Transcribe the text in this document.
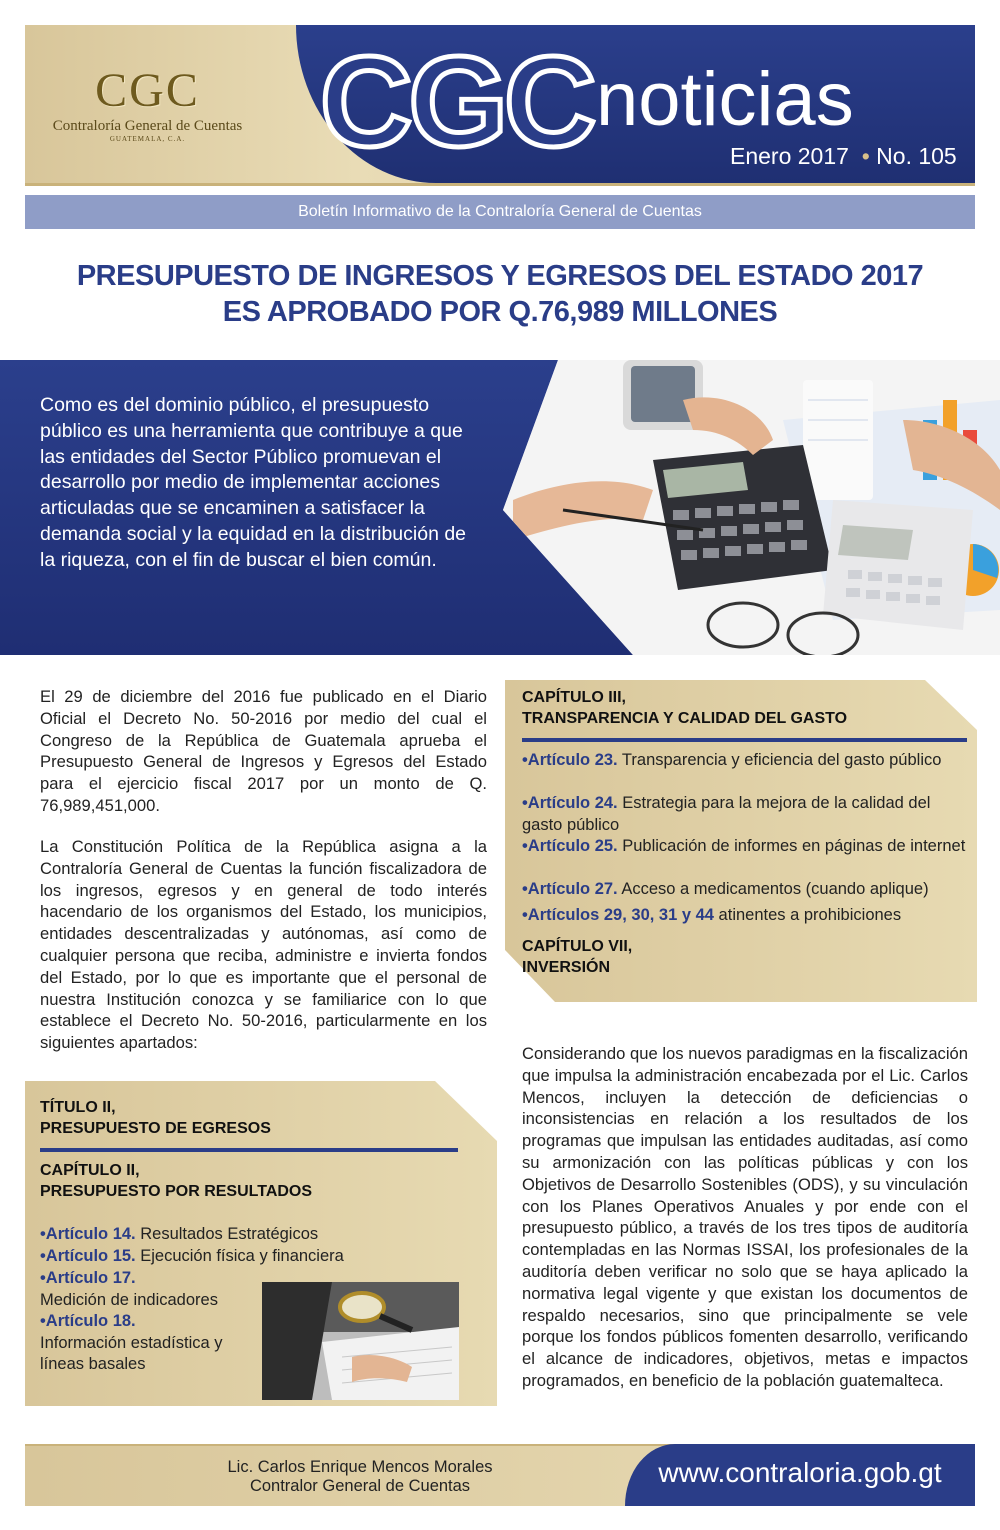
CGC
Contraloría General de Cuentas
GUATEMALA, C.A.	CGC noticias
Enero 2017  • No. 105
Boletín Informativo de la Contraloría General de Cuentas
PRESUPUESTO DE INGRESOS Y EGRESOS DEL ESTADO 2017
ES APROBADO POR Q.76,989 MILLONES
Como es del dominio público, el presupuesto público es una herramienta que contribuye a que las entidades del Sector Público promuevan el desarrollo por medio de implementar acciones articuladas que se encaminen a satisfacer la demanda social y la equidad en la distribución de la riqueza, con el fin de buscar el bien común.
El 29 de diciembre del 2016 fue publicado en el Diario Oficial el Decreto No. 50-2016 por medio del cual el Congreso de la República de Guatemala aprueba el Presupuesto General de Ingresos y Egresos del Estado para el ejercicio fiscal 2017 por un monto de Q. 76,989,451,000.
La Constitución Política de la República asigna a la Contraloría General de Cuentas la función fiscalizadora de los ingresos, egresos y en general de todo interés hacendario de los organismos del Estado, los municipios, entidades descentralizadas y autónomas, así como de cualquier persona que reciba, administre e invierta fondos del Estado, por lo que es importante que el personal de nuestra Institución conozca y se familiarice con lo que establece el Decreto No. 50-2016, particularmente en los siguientes apartados:
CAPÍTULO III,
TRANSPARENCIA Y CALIDAD DEL GASTO
•Artículo 23. Transparencia y eficiencia del gasto público
•Artículo 24. Estrategia para la mejora de la calidad del gasto público
•Artículo 25. Publicación de informes en páginas de internet
•Artículo 27. Acceso a medicamentos (cuando aplique)
•Artículos 29, 30, 31 y 44 atinentes a prohibiciones
CAPÍTULO VII,
INVERSIÓN
Considerando que los nuevos paradigmas en la fiscalización que impulsa la administración encabezada por el Lic. Carlos Mencos, incluyen la detección de deficiencias o inconsistencias en relación a los resultados de los programas que impulsan las entidades auditadas, así como su armonización con las políticas públicas y con los Objetivos de Desarrollo Sostenibles (ODS), y su vinculación con los Planes Operativos Anuales y por ende con el presupuesto público, a través de los tres tipos de auditoría contempladas en las Normas ISSAI, los profesionales de la auditoría deben verificar no solo que se haya aplicado la normativa legal vigente y que existan los documentos de respaldo necesarios, sino que principalmente se vele porque los fondos públicos fomenten desarrollo, verificando el alcance de indicadores, objetivos, metas e impactos programados, en beneficio de la población guatemalteca.
TÍTULO II,
PRESUPUESTO DE EGRESOS
CAPÍTULO II,
PRESUPUESTO POR RESULTADOS
•Artículo 14. Resultados Estratégicos
•Artículo 15. Ejecución física y financiera
•Artículo 17.
Medición de indicadores
•Artículo 18.
Información estadística y líneas basales
Lic. Carlos Enrique Mencos Morales
Contralor General de Cuentas	www.contraloria.gob.gt
